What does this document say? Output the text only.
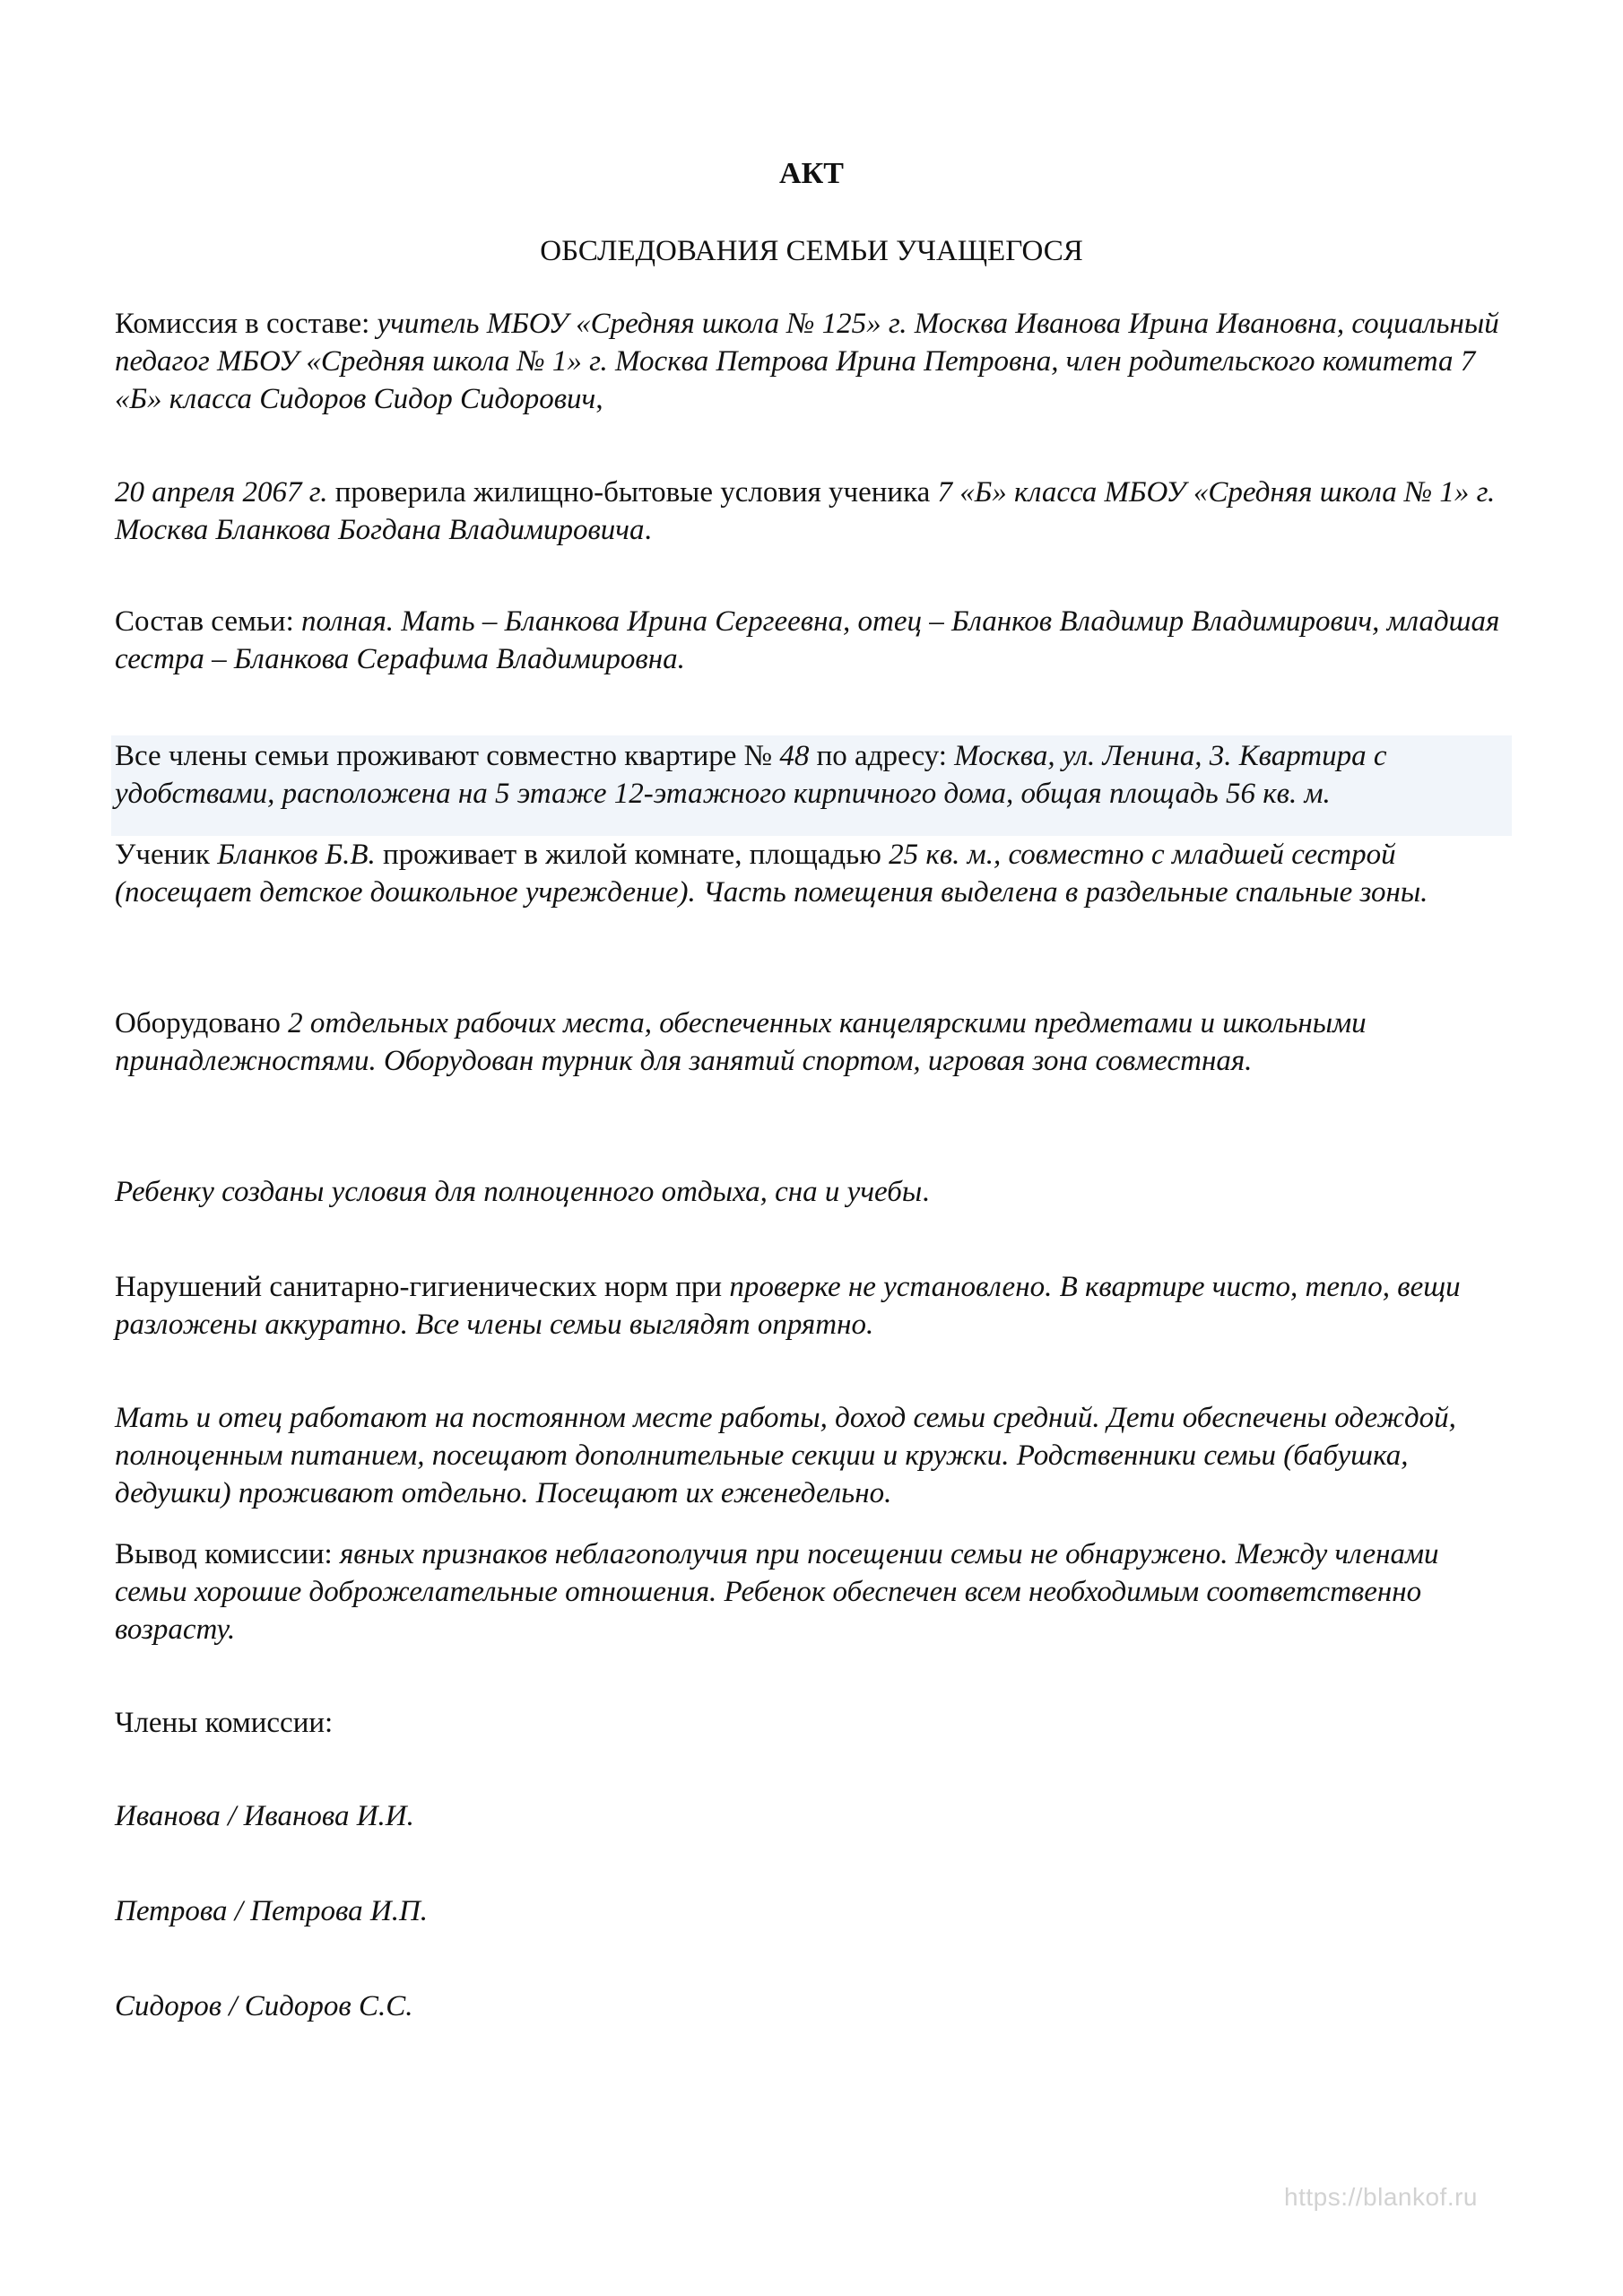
АКТ
ОБСЛЕДОВАНИЯ СЕМЬИ УЧАЩЕГОСЯ

Комиссия в составе: учитель МБОУ «Средняя школа № 125» г. Москва Иванова Ирина Ивановна, социальный педагог МБОУ «Средняя школа № 1» г. Москва Петрова Ирина Петровна, член родительского комитета 7 «Б» класса Сидоров Сидор Сидорович,

20 апреля 2067 г. проверила жилищно-бытовые условия ученика 7 «Б» класса МБОУ «Средняя школа № 1» г. Москва Бланкова Богдана Владимировича.

Состав семьи: полная. Мать – Бланкова Ирина Сергеевна, отец – Бланков Владимир Владимирович, младшая сестра – Бланкова Серафима Владимировна.

Все члены семьи проживают совместно квартире № 48 по адресу: Москва, ул. Ленина, 3. Квартира с удобствами, расположена на 5 этаже 12-этажного кирпичного дома, общая площадь 56 кв. м.

Ученик Бланков Б.В. проживает в жилой комнате, площадью 25 кв. м., совместно с младшей сестрой (посещает детское дошкольное учреждение). Часть помещения выделена в раздельные спальные зоны.

Оборудовано 2 отдельных рабочих места, обеспеченных канцелярскими предметами и школьными принадлежностями. Оборудован турник для занятий спортом, игровая зона совместная.

Ребенку созданы условия для полноценного отдыха, сна и учебы.

Нарушений санитарно-гигиенических норм при проверке не установлено. В квартире чисто, тепло, вещи разложены аккуратно. Все члены семьи выглядят опрятно.

Мать и отец работают на постоянном месте работы, доход семьи средний. Дети обеспечены одеждой, полноценным питанием, посещают дополнительные секции и кружки. Родственники семьи (бабушка, дедушки) проживают отдельно. Посещают их еженедельно.

Вывод комиссии: явных признаков неблагополучия при посещении семьи не обнаружено. Между членами семьи хорошие доброжелательные отношения. Ребенок обеспечен всем необходимым соответственно возрасту.

Члены комиссии:

Иванова / Иванова И.И.

Петрова / Петрова И.П.

Сидоров / Сидоров С.С.

https://blankof.ru
